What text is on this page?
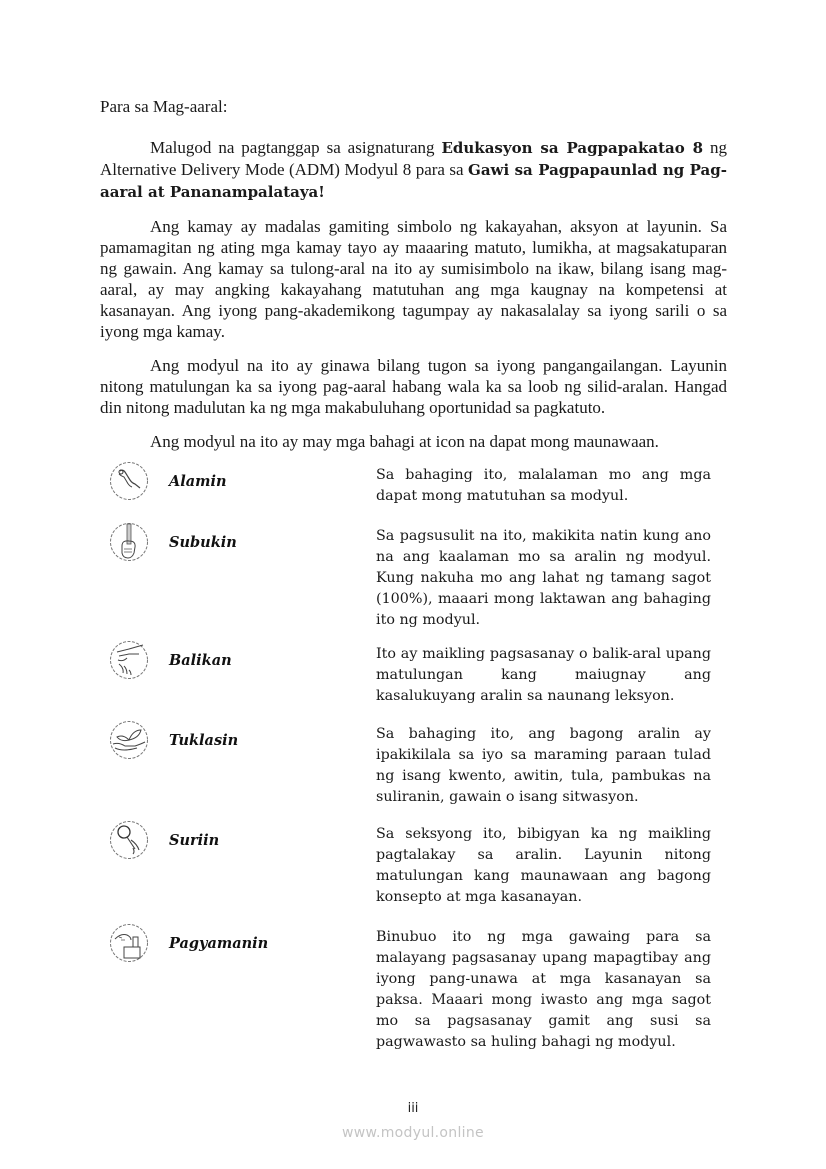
Para sa Mag-aaral:

Malugod na pagtanggap sa asignaturang Edukasyon sa Pagpapakatao 8 ng Alternative Delivery Mode (ADM) Modyul 8 para sa Gawi sa Pagpapaunlad ng Pag-aaral at Pananampalataya!

Ang kamay ay madalas gamiting simbolo ng kakayahan, aksyon at layunin. Sa pamamagitan ng ating mga kamay tayo ay maaaring matuto, lumikha, at magsakatuparan ng gawain. Ang kamay sa tulong-aral na ito ay sumisimbolo na ikaw, bilang isang mag-aaral, ay may angking kakayahang matutuhan ang mga kaugnay na kompetensi at kasanayan. Ang iyong pang-akademikong tagumpay ay nakasalalay sa iyong sarili o sa iyong mga kamay.

Ang modyul na ito ay ginawa bilang tugon sa iyong pangangailangan. Layunin nitong matulungan ka sa iyong pag-aaral habang wala ka sa loob ng silid-aralan. Hangad din nitong madulutan ka ng mga makabuluhang oportunidad sa pagkatuto.

Ang modyul na ito ay may mga bahagi at icon na dapat mong maunawaan.

Alamin	Sa bahaging ito, malalaman mo ang mga dapat mong matutuhan sa modyul.
Subukin	Sa pagsusulit na ito, makikita natin kung ano na ang kaalaman mo sa aralin ng modyul. Kung nakuha mo ang lahat ng tamang sagot (100%), maaari mong laktawan ang bahaging ito ng modyul.
Balikan	Ito ay maikling pagsasanay o balik-aral upang matulungan kang maiugnay ang kasalukuyang aralin sa naunang leksyon.
Tuklasin	Sa bahaging ito, ang bagong aralin ay ipakikilala sa iyo sa maraming paraan tulad ng isang kwento, awitin, tula, pambukas na suliranin, gawain o isang sitwasyon.
Suriin	Sa seksyong ito, bibigyan ka ng maikling pagtalakay sa aralin. Layunin nitong matulungan kang maunawaan ang bagong konsepto at mga kasanayan.
Pagyamanin	Binubuo ito ng mga gawaing para sa malayang pagsasanay upang mapagtibay ang iyong pang-unawa at mga kasanayan sa paksa. Maaari mong iwasto ang mga sagot mo sa pagsasanay gamit ang susi sa pagwawasto sa huling bahagi ng modyul.
iii
www.modyul.online
